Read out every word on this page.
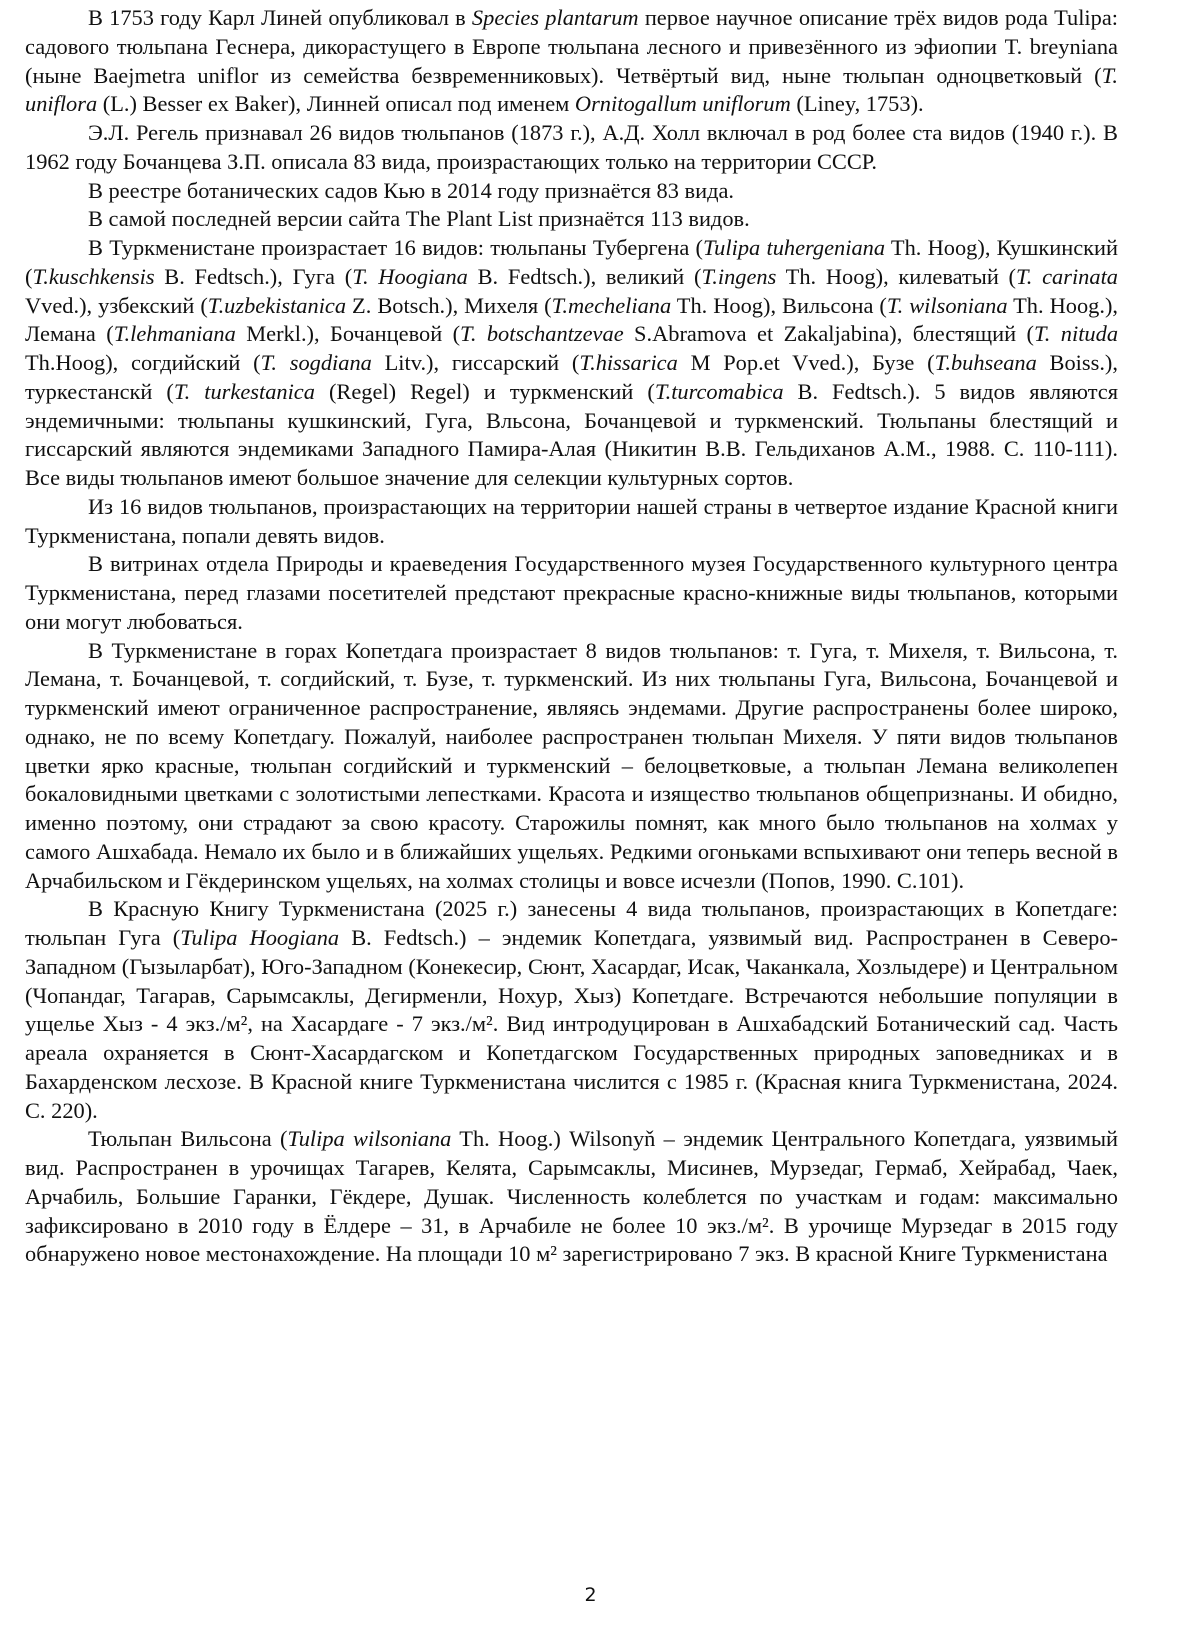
В 1753 году Карл Линей опубликовал в Species plantarum первое научное описание трёх видов рода Tulipa: садового тюльпана Геснера, дикорастущего в Европе тюльпана лесного и привезённого из эфиопии T. breyniana (ныне Baejmetra uniflor из семейства безвременниковых). Четвёртый вид, ныне тюльпан одноцветковый (T. uniflora (L.) Besser ex Baker), Линней описал под именем Ornitogallum uniflorum (Liney, 1753).

Э.Л. Регель признавал 26 видов тюльпанов (1873 г.), А.Д. Холл включал в род более ста видов (1940 г.). В 1962 году Бочанцева З.П. описала 83 вида, произрастающих только на территории СССР.

В реестре ботанических садов Кью в 2014 году признаётся 83 вида.

В самой последней версии сайта The Plant List признаётся 113 видов.

В Туркменистане произрастает 16 видов: тюльпаны Тубергена (Tulipa tuhergeniana Th. Hoog), Кушкинский (T.kuschkensis B. Fedtsch.), Гуга (T. Hoogiana B. Fedtsch.), великий (T.ingens Th. Hoog), килеватый (T. carinata Vved.), узбекский (T.uzbekistanica Z. Botsch.), Михеля (T.mecheliana Th. Hoog), Вильсона (T. wilsoniana Th. Hoog.), Лемана (T.lehmaniana Merkl.), Бочанцевой (T. botschantzevae S.Abramova et Zakaljabina), блестящий (T. nituda Th.Hoog), согдийский (T. sogdiana Litv.), гиссарский (T.hissarica M Pop.et Vved.), Бузе (T.buhseana Boiss.), туркестанскй (T. turkestanica (Regel) Regel) и туркменский (T.turcomabica B. Fedtsch.). 5 видов являются эндемичными: тюльпаны кушкинский, Гуга, Вльсона, Бочанцевой и туркменский. Тюльпаны блестящий и гиссарский являются эндемиками Западного Памира-Алая (Никитин В.В. Гельдиханов А.М., 1988. С. 110-111). Все виды тюльпанов имеют большое значение для селекции культурных сортов.

Из 16 видов тюльпанов, произрастающих на территории нашей страны в четвертое издание Красной книги Туркменистана, попали девять видов.

В витринах отдела Природы и краеведения Государственного музея Государственного культурного центра Туркменистана, перед глазами посетителей предстают прекрасные красно-книжные виды тюльпанов, которыми они могут любоваться.

В Туркменистане в горах Копетдага произрастает 8 видов тюльпанов: т. Гуга, т. Михеля, т. Вильсона, т. Лемана, т. Бочанцевой, т. согдийский, т. Бузе, т. туркменский. Из них тюльпаны Гуга, Вильсона, Бочанцевой и туркменский имеют ограниченное распространение, являясь эндемами. Другие распространены более широко, однако, не по всему Копетдагу. Пожалуй, наиболее распространен тюльпан Михеля. У пяти видов тюльпанов цветки ярко красные, тюльпан согдийский и туркменский – белоцветковые, а тюльпан Лемана великолепен бокаловидными цветками с золотистыми лепестками. Красота и изящество тюльпанов общепризнаны. И обидно, именно поэтому, они страдают за свою красоту. Старожилы помнят, как много было тюльпанов на холмах у самого Ашхабада. Немало их было и в ближайших ущельях. Редкими огоньками вспыхивают они теперь весной в Арчабильском и Гёкдеринском ущельях, на холмах столицы и вовсе исчезли (Попов, 1990. С.101).

В Красную Книгу Туркменистана (2025 г.) занесены 4 вида тюльпанов, произрастающих в Копетдаге: тюльпан Гуга (Tulipa Hoogiana B. Fedtsch.) – эндемик Копетдага, уязвимый вид. Распространен в Северо-Западном (Гызыларбат), Юго-Западном (Конекесир, Сюнт, Хасардаг, Исак, Чаканкала, Хозлыдере) и Центральном (Чопандаг, Тагарав, Сарымсаклы, Дегирменли, Нохур, Хыз) Копетдаге. Встречаются небольшие популяции в ущелье Хыз - 4 экз./м², на Хасардаге - 7 экз./м². Вид интродуцирован в Ашхабадский Ботанический сад. Часть ареала охраняется в Сюнт-Хасардагском и Копетдагском Государственных природных заповедниках и в Бахарденском лесхозе. В Красной книге Туркменистана числится с 1985 г. (Красная книга Туркменистана, 2024. С. 220).

Тюльпан Вильсона (Tulipa wilsoniana Th. Hoog.) Wilsonyň – эндемик Центрального Копетдага, уязвимый вид. Распространен в урочищах Тагарев, Келята, Сарымсаклы, Мисинев, Мурзедаг, Гермаб, Хейрабад, Чаек, Арчабиль, Большие Гаранки, Гёкдере, Душак. Численность колеблется по участкам и годам: максимально зафиксировано в 2010 году в Ёлдере – 31, в Арчабиле не более 10 экз./м². В урочище Мурзедаг в 2015 году обнаружено новое местонахождение. На площади 10 м² зарегистрировано 7 экз. В красной Книге Туркменистана

2
